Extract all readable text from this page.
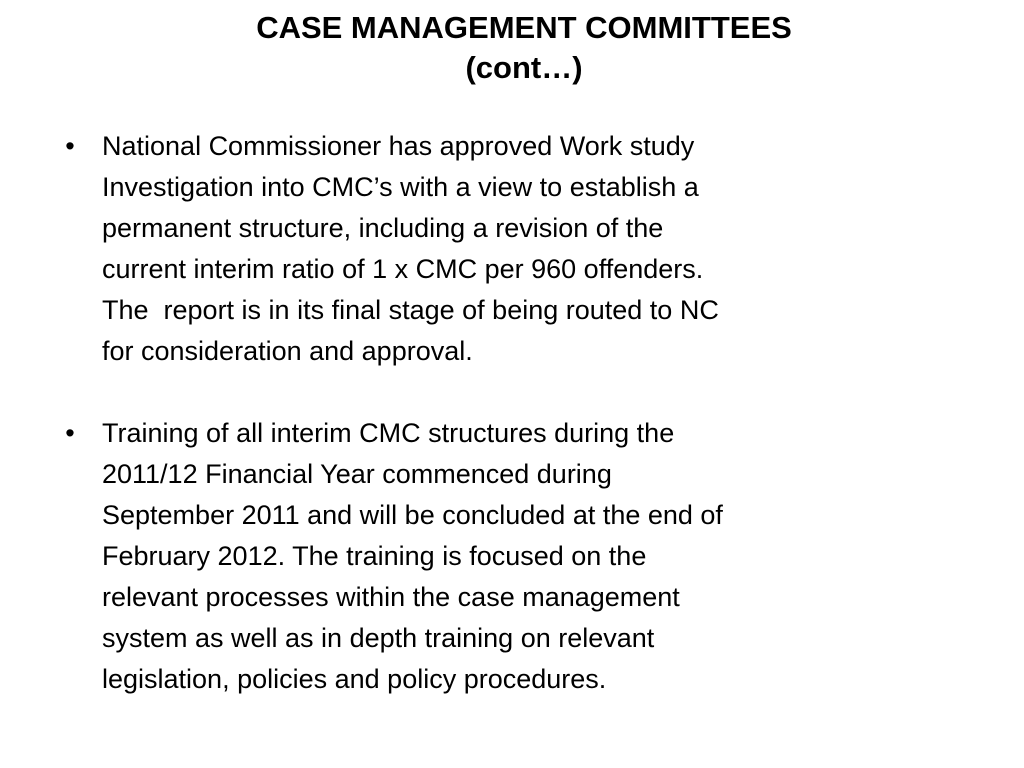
CASE MANAGEMENT COMMITTEES
(cont…)
• National Commissioner has approved Work study
Investigation into CMC’s with a view to establish a
permanent structure, including a revision of the
current interim ratio of 1 x CMC per 960 offenders.
The  report is in its final stage of being routed to NC
for consideration and approval.
• Training of all interim CMC structures during the
2011/12 Financial Year commenced during
September 2011 and will be concluded at the end of
February 2012. The training is focused on the
relevant processes within the case management
system as well as in depth training on relevant
legislation, policies and policy procedures.
